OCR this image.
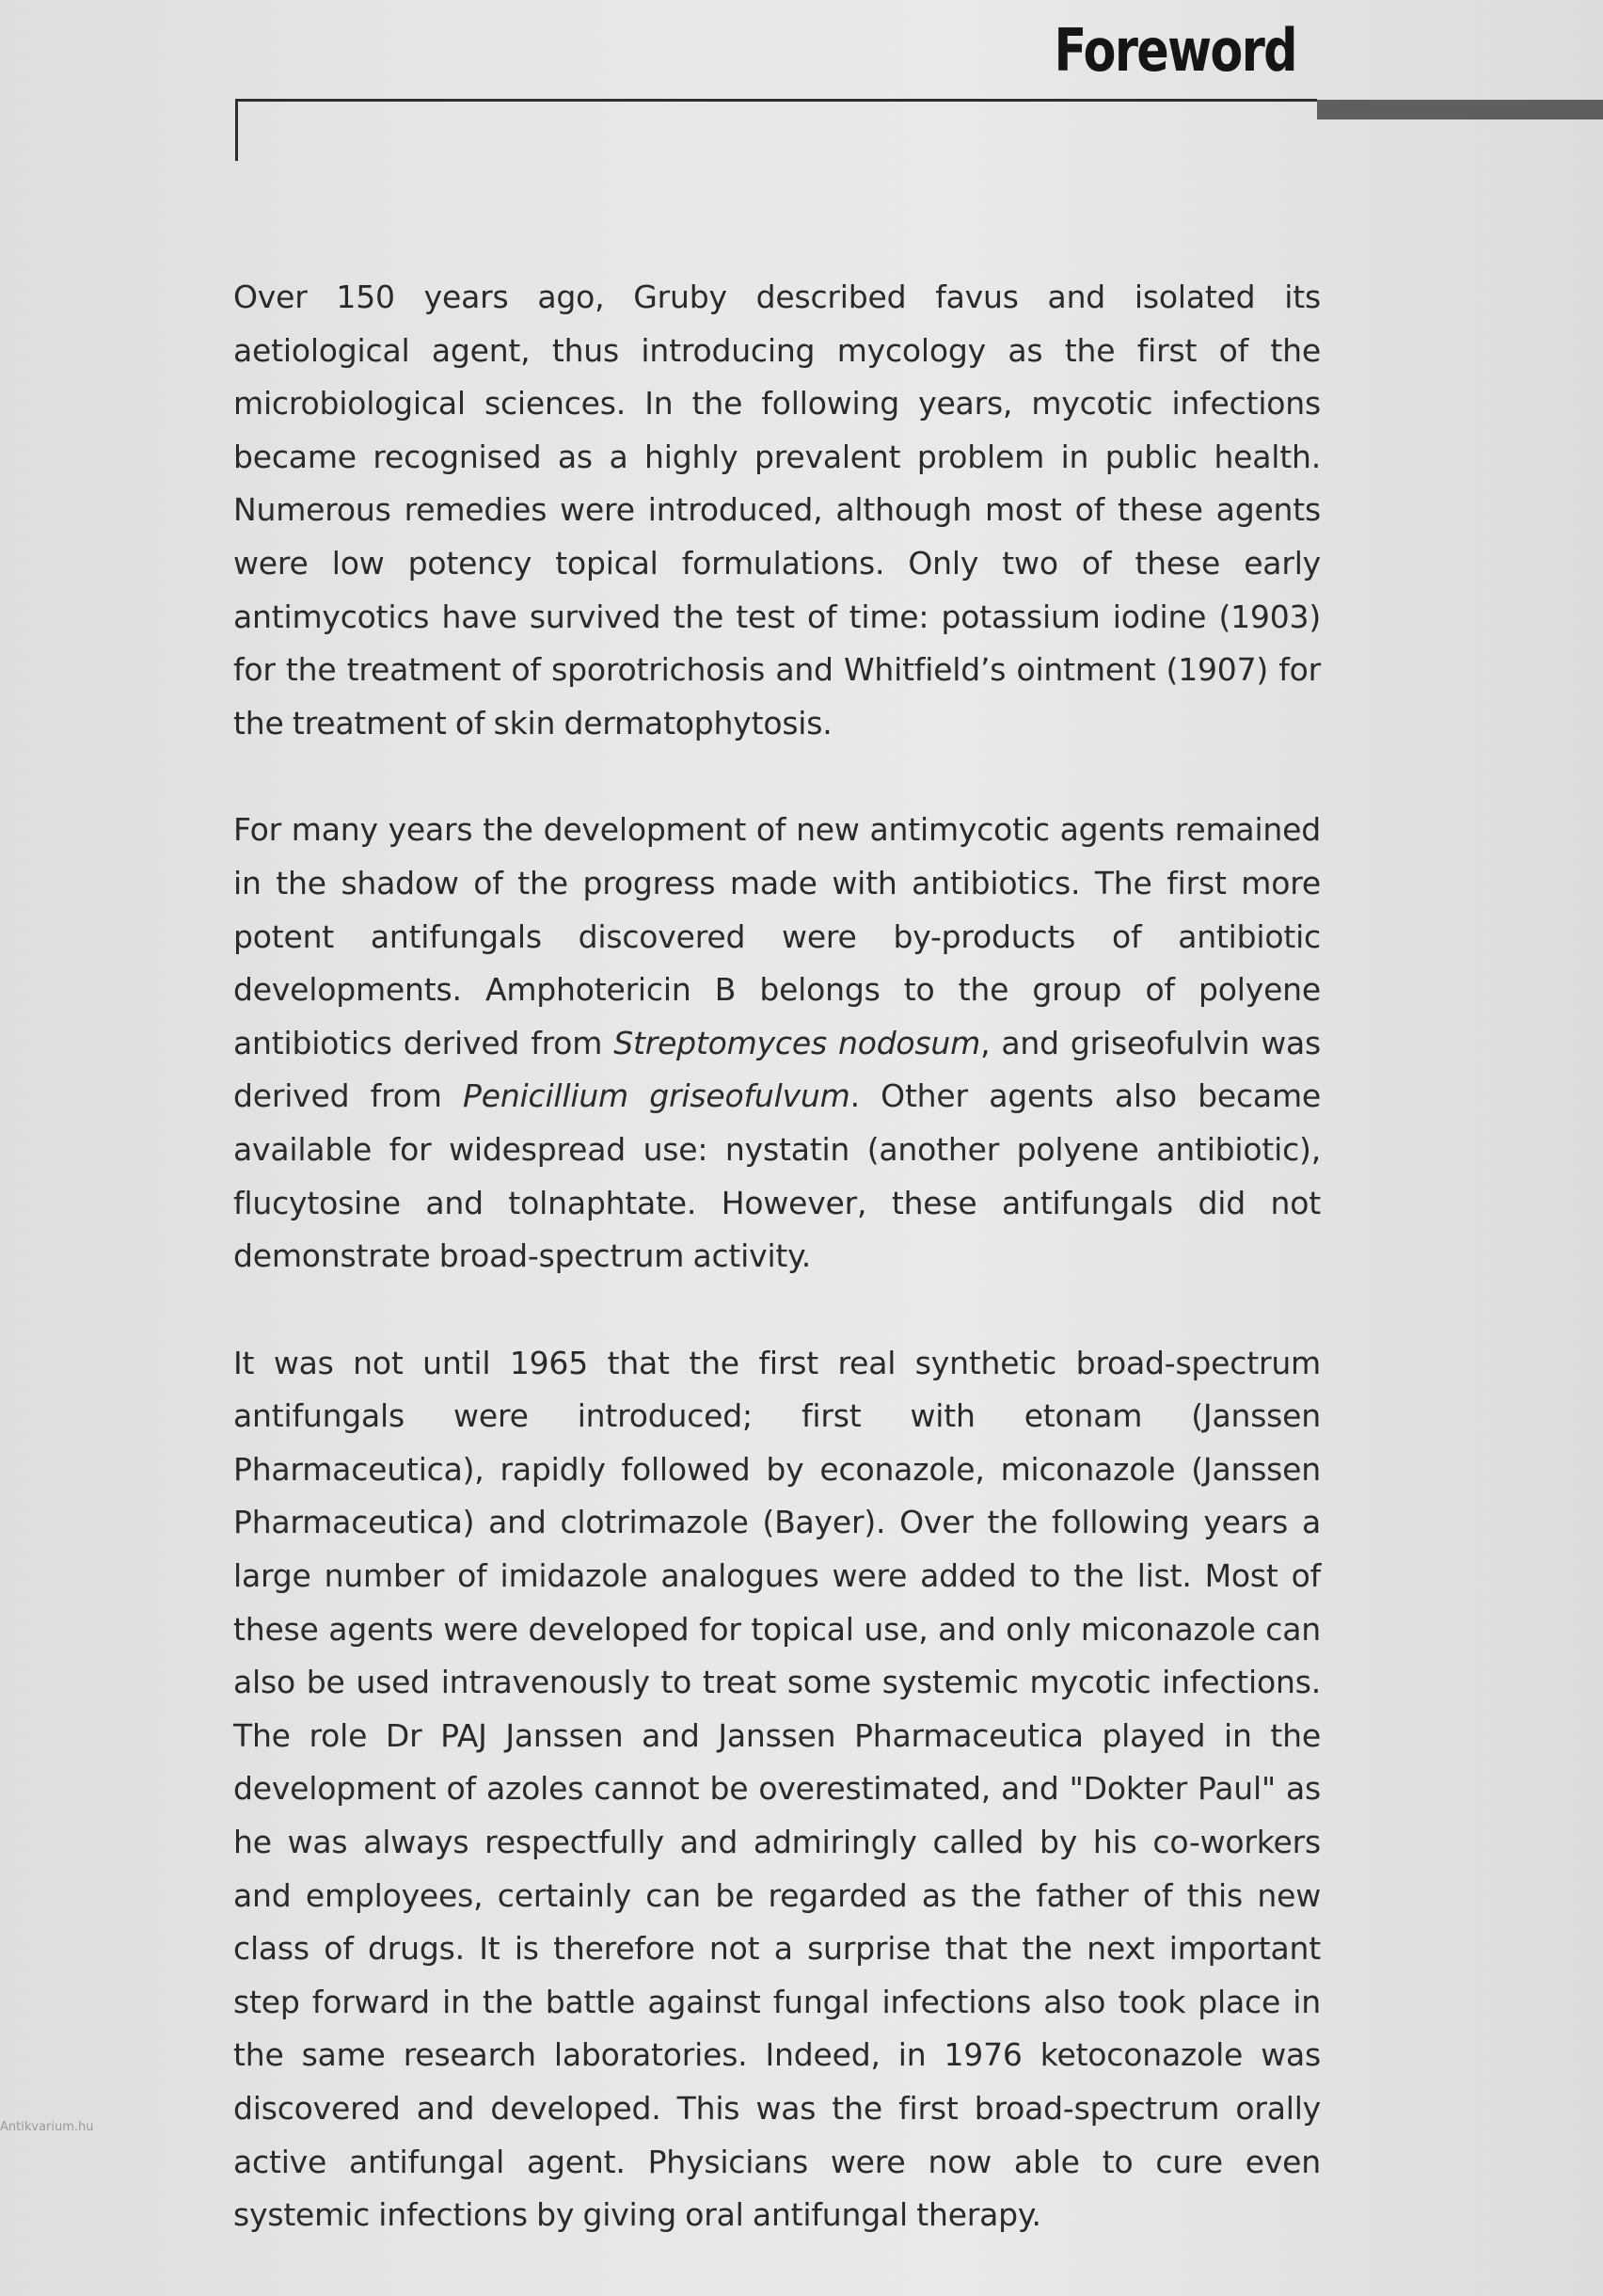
Foreword

Over 150 years ago, Gruby described favus and isolated its aetiological agent, thus introducing mycology as the first of the microbiological sciences. In the following years, mycotic infections became recognised as a highly prevalent problem in public health. Numerous remedies were introduced, although most of these agents were low potency topical formulations. Only two of these early antimycotics have survived the test of time: potassium iodine (1903) for the treatment of sporotrichosis and Whitfield’s ointment (1907) for the treatment of skin dermatophytosis.

For many years the development of new antimycotic agents remained in the shadow of the progress made with antibiotics. The first more potent antifungals discovered were by-products of antibiotic developments. Amphotericin B belongs to the group of polyene antibiotics derived from Streptomyces nodosum, and griseofulvin was derived from Penicillium griseofulvum. Other agents also became available for widespread use: nystatin (another polyene antibiotic), flucytosine and tolnaphtate. However, these antifungals did not demonstrate broad-spectrum activity.

It was not until 1965 that the first real synthetic broad-spectrum antifungals were introduced; first with etonam (Janssen Pharmaceutica), rapidly followed by econazole, miconazole (Janssen Pharmaceutica) and clotrimazole (Bayer). Over the following years a large number of imidazole analogues were added to the list. Most of these agents were developed for topical use, and only miconazole can also be used intravenously to treat some systemic mycotic infections. The role Dr PAJ Janssen and Janssen Pharmaceutica played in the development of azoles cannot be overestimated, and "Dokter Paul" as he was always respectfully and admiringly called by his co-workers and employees, certainly can be regarded as the father of this new class of drugs. It is therefore not a surprise that the next important step forward in the battle against fungal infections also took place in the same research laboratories. Indeed, in 1976 ketoconazole was discovered and developed. This was the first broad-spectrum orally active antifungal agent. Physicians were now able to cure even systemic infections by giving oral antifungal therapy.

Antikvarium.hu
